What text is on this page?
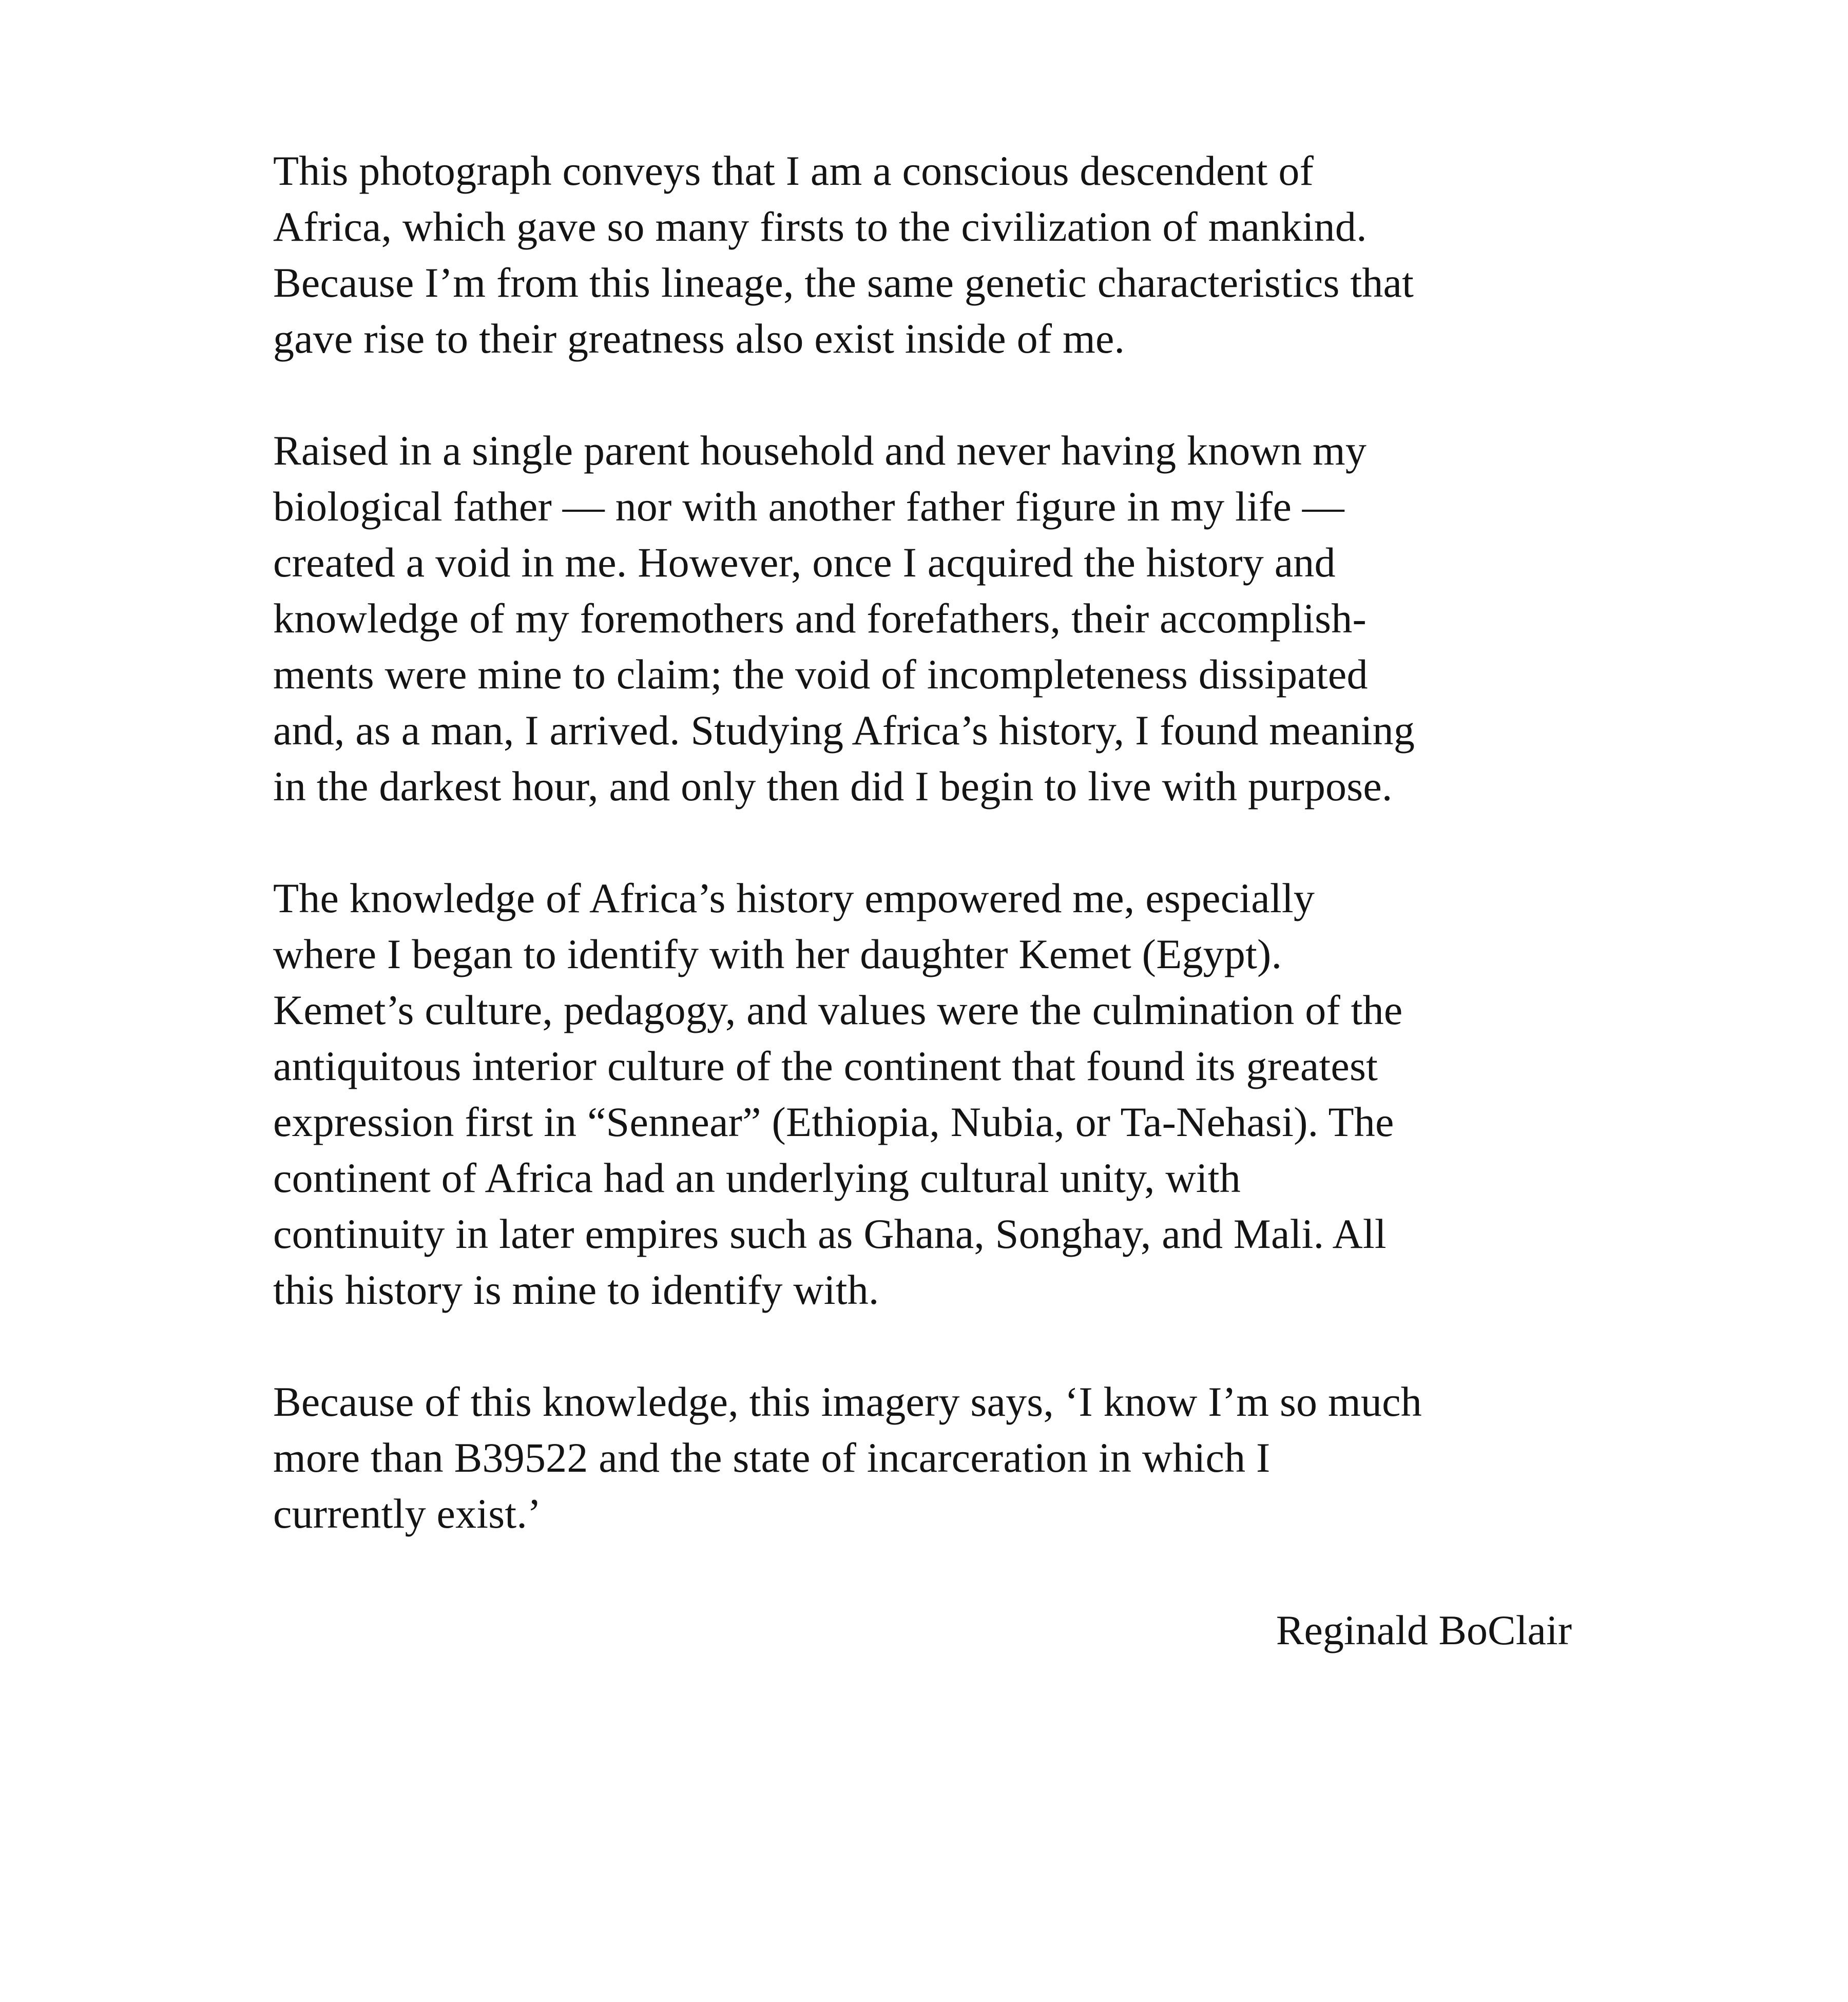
This photograph conveys that I am a conscious descendent of
Africa, which gave so many firsts to the civilization of mankind.
Because I’m from this lineage, the same genetic characteristics that
gave rise to their greatness also exist inside of me.

Raised in a single parent household and never having known my
biological father — nor with another father figure in my life —
created a void in me. However, once I acquired the history and
knowledge of my foremothers and forefathers, their accomplish-
ments were mine to claim; the void of incompleteness dissipated
and, as a man, I arrived. Studying Africa’s history, I found meaning
in the darkest hour, and only then did I begin to live with purpose.

The knowledge of Africa’s history empowered me, especially
where I began to identify with her daughter Kemet (Egypt).
Kemet’s culture, pedagogy, and values were the culmination of the
antiquitous interior culture of the continent that found its greatest
expression first in “Sennear” (Ethiopia, Nubia, or Ta-Nehasi). The
continent of Africa had an underlying cultural unity, with
continuity in later empires such as Ghana, Songhay, and Mali. All
this history is mine to identify with.

Because of this knowledge, this imagery says, ‘I know I’m so much
more than B39522 and the state of incarceration in which I
currently exist.’

Reginald BoClair
